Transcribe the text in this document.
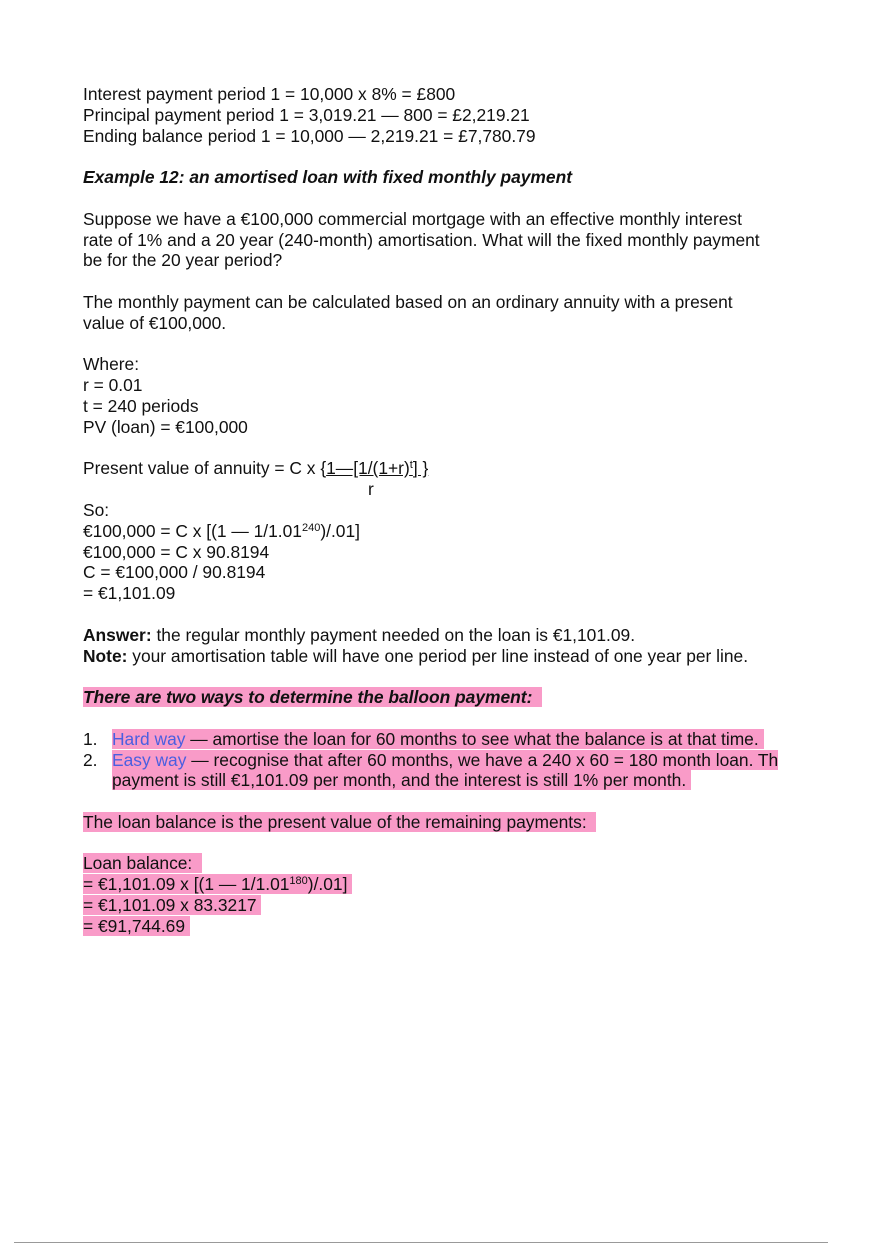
Interest payment period 1 = 10,000 x 8% = £800
Principal payment period 1 = 3,019.21 — 800 = £2,219.21
Ending balance period 1 = 10,000 — 2,219.21 = £7,780.79
Example 12: an amortised loan with fixed monthly payment
Suppose we have a €100,000 commercial mortgage with an effective monthly interest
rate of 1% and a 20 year (240-month) amortisation. What will the fixed monthly payment
be for the 20 year period?
The monthly payment can be calculated based on an ordinary annuity with a present
value of €100,000.
Where:
r = 0.01
t = 240 periods
PV (loan) = €100,000
Present value of annuity = C x {$1—[1/(1+r)^t]$ }
r
So:
€100,000 = C x [(1 — 1/1.01$^{240}$)/.01]
€100,000 = C x 90.8194
C = €100,000 / 90.8194
= €1,101.09
Answer: the regular monthly payment needed on the loan is €1,101.09.
Note: your amortisation table will have one period per line instead of one year per line.
There are two ways to determine the balloon payment:
1. Hard way — amortise the loan for 60 months to see what the balance is at that time.
2. Easy way — recognise that after 60 months, we have a 240 x 60 = 180 month loan. Th
payment is still €1,101.09 per month, and the interest is still 1% per month.
The loan balance is the present value of the remaining payments:
Loan balance:
= €1,101.09 x [(1 — 1/1.01$^{180}$)/.01]
= €1,101.09 x 83.3217
= €91,744.69
